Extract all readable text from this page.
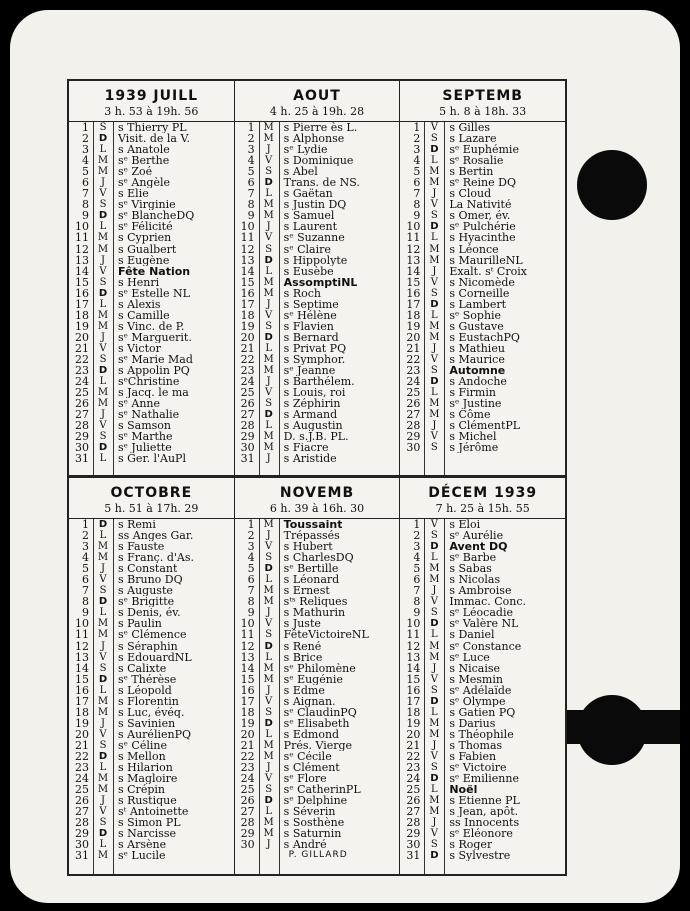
1939 JUILL
3 h. 53 à 19h. 56
1	S	s Thierry PL
2 D Visit. de la V.
3	L	s Anatole
4 M sᵉ Berthe
5 M sᵉ Zoé
6	J	sᵉ Angèle
7	V	s Elie
8	S	sᵉ Virginie
9 D sᵉ BlancheDQ
10	L	sᵉ Félicité
11 M s Cyprien
12 M s Gualbert
13	J	s Eugène
14	V	Fête Nation
15	S	s Henri
16 D sᵉ Estelle NL
17	L	s Alexis
18 M s Camille
19 M s Vinc. de P.
20	J	sᵉ Marguerit.
21	V	s Victor
22	S	sᵉ Marie Mad
23 D s Appolin PQ
24	L	sᵉChristine
25 M s Jacq. le ma
26 M sᵉ Anne
27	J	sᵉ Nathalie
28	V	s Samson
29	S	sᵉ Marthe
30 D sᵉ Juliette
31	L	s Ger. l'AuPl
AOUT
4 h. 25 à 19h. 28
1 M s Pierre ès L.
2 M s Alphonse
3	J	sᵉ Lydie
4	V	s Dominique
5	S	s Abel
6 D Trans. de NS.
7	L	s Gaëtan
8 M s Justin DQ
9 M s Samuel
10	J	s Laurent
11	V	sᵉ Suzanne
12	S	sᵉ Claire
13 D s Hippolyte
14	L	s Eusèbe
15 M AssomptiNL
16 M s Roch
17	J	s Septime
18	V	sᵉ Hélène
19	S	s Flavien
20 D s Bernard
21	L	s Privat PQ
22 M s Symphor.
23 M sᵉ Jeanne
24	J	s Barthélem.
25	V	s Louis, roi
26	S	s Zéphirin
27 D s Armand
28	L	s Augustin
29 M D. s.J.B. PL.
30 M s Fiacre
31	J	s Aristide
SEPTEMB
5 h. 8 à 18h. 33
1	V	s Gilles
2	S	s Lazare
3 D sᵉ Euphémie
4	L	sᵉ Rosalie
5 M s Bertin
6 M sᵉ Reine DQ
7	J	s Cloud
8	V	La Nativité
9	S	s Omer, év.
10 D sᵉ Pulchérie
11	L	s Hyacinthe
12 M s Léonce
13 M s MaurilleNL
14	J	Exalt. sᵗ Croix
15	V	s Nicomède
16	S	s Corneille
17 D s Lambert
18	L	sᵉ Sophie
19 M s Gustave
20 M s EustachPQ
21	J	s Mathieu
22	V	s Maurice
23	S	Automne
24 D s Andoche
25	L	s Firmin
26 M sᵉ Justine
27 M s Côme
28	J	s ClémentPL
29	V	s Michel
30	S	s Jérôme
OCTOBRE
5 h. 51 à 17h. 29
1 D s Remi
2	L	ss Anges Gar.
3 M s Fauste
4 M s Franç. d'As.
5	J	s Constant
6	V	s Bruno DQ
7	S	s Auguste
8 D sᵉ Brigitte
9	L	s Denis, év.
10 M s Paulin
11 M sᵉ Clémence
12	J	s Séraphin
13	V	s EdouardNL
14	S	s Calixte
15 D sᵉ Thérèse
16	L	s Léopold
17 M s Florentin
18 M s Luc, évéq.
19	J	s Savinien
20	V	s AurélienPQ
21	S	sᵉ Céline
22 D s Mellon
23	L	s Hilarion
24 M s Magloire
25 M s Crépin
26	J	s Rustique
27	V	sᵗ Antoinette
28	S	s Simon PL
29 D s Narcisse
30	L	s Arsène
31 M sᵉ Lucile
NOVEMB
6 h. 39 à 16h. 30
1 M Toussaint
2	J	Trépassés
3	V	s Hubert
4	S	s CharlesDQ
5 D sᵉ Bertille
6	L	s Léonard
7 M s Ernest
8 M sᵗˢ Reliques
9	J	s Mathurin
10	V	s Juste
11	S	FêteVictoireNL
12 D s René
13	L	s Brice
14 M sᵉ Philomène
15 M sᵉ Eugénie
16	J	s Edme
17	V	s Aignan.
18	S	sᵉ ClaudinPQ
19 D sᵉ Elisabeth
20	L	s Edmond
21 M Prés. Vierge
22 M sᵉ Cécile
23	J	s Clément
24	V	sᵉ Flore
25	S	sᵉ CatherinPL
26 D sᵉ Delphine
27	L	s Séverin
28 M s Sosthène
29 M s Saturnin
30	J	s André
P. GILLARD
DÉCEM 1939
7 h. 25 à 15h. 55
1	V	s Eloi
2	S	sᵉ Aurélie
3 D Avent DQ
4	L	sᵉ Barbe
5 M s Sabas
6 M s Nicolas
7	J	s Ambroise
8	V	Immac. Conc.
9	S	sᵉ Léocadie
10 D sᵉ Valère NL
11	L	s Daniel
12 M sᵉ Constance
13 M sᵉ Luce
14	J	s Nicaise
15	V	s Mesmin
16	S	sᵉ Adélaïde
17 D sᵉ Olympe
18	L	s Gatien PQ
19 M s Darius
20 M s Théophile
21	J	s Thomas
22	V	s Fabien
23	S	sᵉ Victoire
24 D sᵉ Emilienne
25	L	Noël
26 M s Etienne PL
27 M s Jean, apôt.
28	J	ss Innocents
29	V	sᵉ Eléonore
30	S	s Roger
31 D s Sylvestre
